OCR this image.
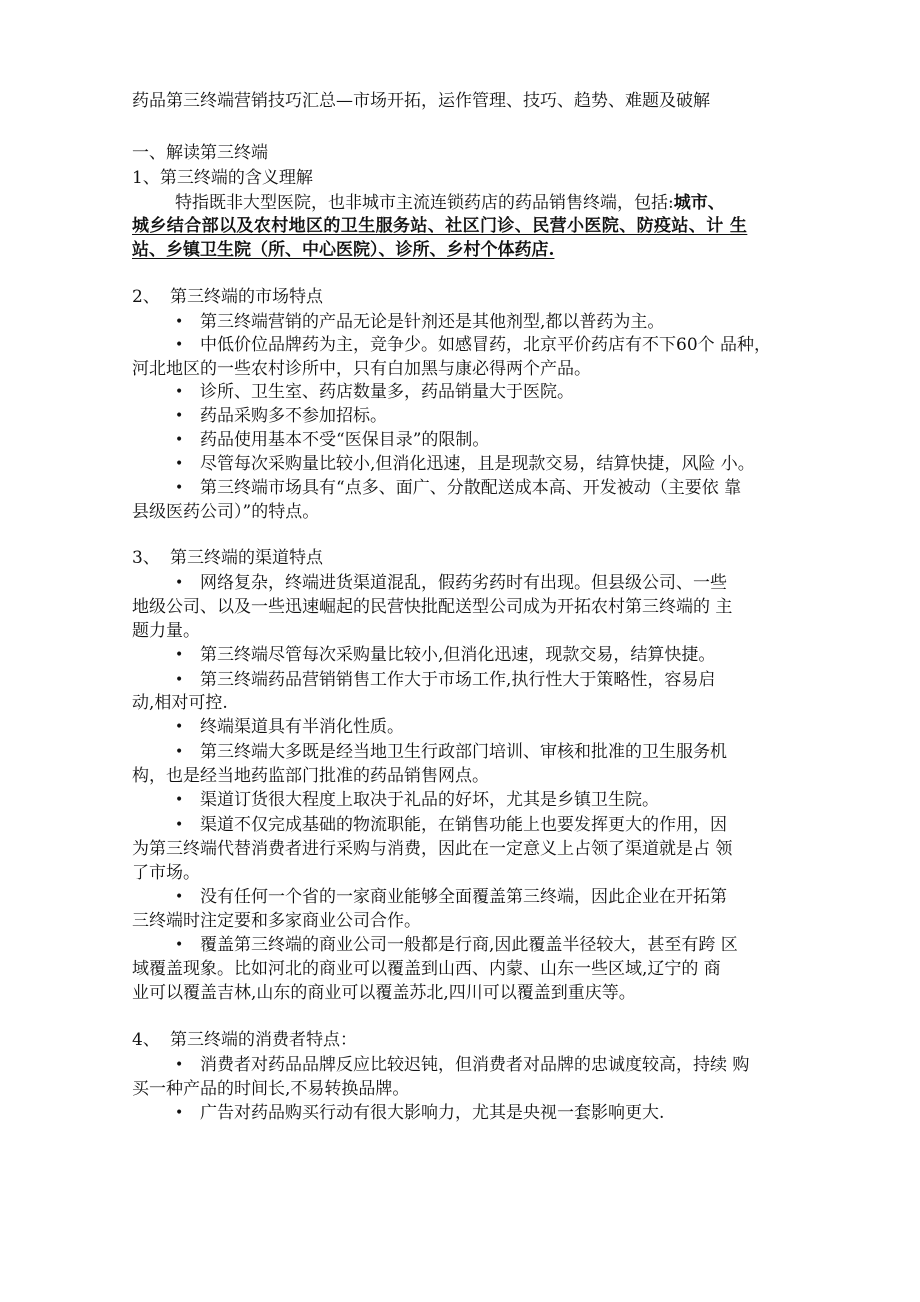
药品第三终端营销技巧汇总—市场开拓，运作管理、技巧、趋势、难题及破解
一、解读第三终端
1、第三终端的含义理解
特指既非大型医院，也非城市主流连锁药店的药品销售终端，包括:城市、
城乡结合部以及农村地区的卫生服务站、社区门诊、民营小医院、防疫站、计 生
站、乡镇卫生院（所、中心医院）、诊所、乡村个体药店.
2、 第三终端的市场特点
• 第三终端营销的产品无论是针剂还是其他剂型,都以普药为主。
• 中低价位品牌药为主，竞争少。如感冒药，北京平价药店有不下60个 品种，
河北地区的一些农村诊所中，只有白加黑与康必得两个产品。
• 诊所、卫生室、药店数量多，药品销量大于医院。
• 药品采购多不参加招标。
• 药品使用基本不受“医保目录”的限制。
• 尽管每次采购量比较小,但消化迅速，且是现款交易，结算快捷，风险 小。
• 第三终端市场具有“点多、面广、分散配送成本高、开发被动（主要依 靠
县级医药公司）”的特点。
3、 第三终端的渠道特点
• 网络复杂，终端进货渠道混乱，假药劣药时有出现。但县级公司、一些
地级公司、以及一些迅速崛起的民营快批配送型公司成为开拓农村第三终端的 主
题力量。
• 第三终端尽管每次采购量比较小,但消化迅速，现款交易，结算快捷。
• 第三终端药品营销销售工作大于市场工作,执行性大于策略性，容易启
动,相对可控.
• 终端渠道具有半消化性质。
• 第三终端大多既是经当地卫生行政部门培训、审核和批准的卫生服务机
构，也是经当地药监部门批准的药品销售网点。
• 渠道订货很大程度上取决于礼品的好坏，尤其是乡镇卫生院。
• 渠道不仅完成基础的物流职能，在销售功能上也要发挥更大的作用，因
为第三终端代替消费者进行采购与消费，因此在一定意义上占领了渠道就是占 领
了市场。
• 没有任何一个省的一家商业能够全面覆盖第三终端，因此企业在开拓第
三终端时注定要和多家商业公司合作。
• 覆盖第三终端的商业公司一般都是行商,因此覆盖半径较大，甚至有跨 区
域覆盖现象。比如河北的商业可以覆盖到山西、内蒙、山东一些区域,辽宁的 商
业可以覆盖吉林,山东的商业可以覆盖苏北,四川可以覆盖到重庆等。
4、 第三终端的消费者特点：
• 消费者对药品品牌反应比较迟钝，但消费者对品牌的忠诚度较高，持续 购
买一种产品的时间长,不易转换品牌。
• 广告对药品购买行动有很大影响力，尤其是央视一套影响更大.
